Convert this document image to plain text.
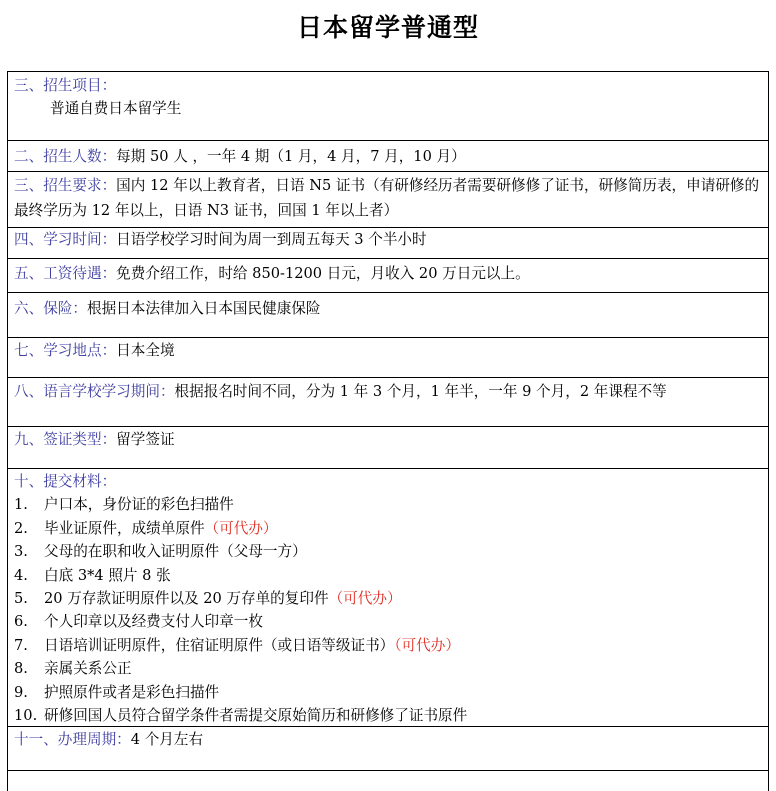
日本留学普通型
三、招生项目：
普通自费日本留学生
二、招生人数：每期 50 人 ，一年 4 期（1 月，4 月，7 月，10 月）
三、招生要求：国内 12 年以上教育者，日语 N5 证书（有研修经历者需要研修修了证书，研修简历表，申请研修的最终学历为 12 年以上，日语 N3 证书，回国 1 年以上者）
四、学习时间：日语学校学习时间为周一到周五每天 3 个半小时
五、工资待遇：免费介绍工作，时给 850-1200 日元，月收入 20 万日元以上。
六、保险：根据日本法律加入日本国民健康保险
七、学习地点：日本全境
八、语言学校学习期间：根据报名时间不同，分为 1 年 3 个月，1 年半，一年 9 个月，2 年课程不等
九、签证类型：留学签证
十、提交材料：
1. 户口本，身份证的彩色扫描件
2. 毕业证原件，成绩单原件（可代办）
3. 父母的在职和收入证明原件（父母一方）
4. 白底 3*4 照片 8 张
5. 20 万存款证明原件以及 20 万存单的复印件（可代办）
6. 个人印章以及经费支付人印章一枚
7. 日语培训证明原件，住宿证明原件（或日语等级证书）（可代办）
8. 亲属关系公正
9. 护照原件或者是彩色扫描件
10. 研修回国人员符合留学条件者需提交原始简历和研修修了证书原件
十一、办理周期：4 个月左右
